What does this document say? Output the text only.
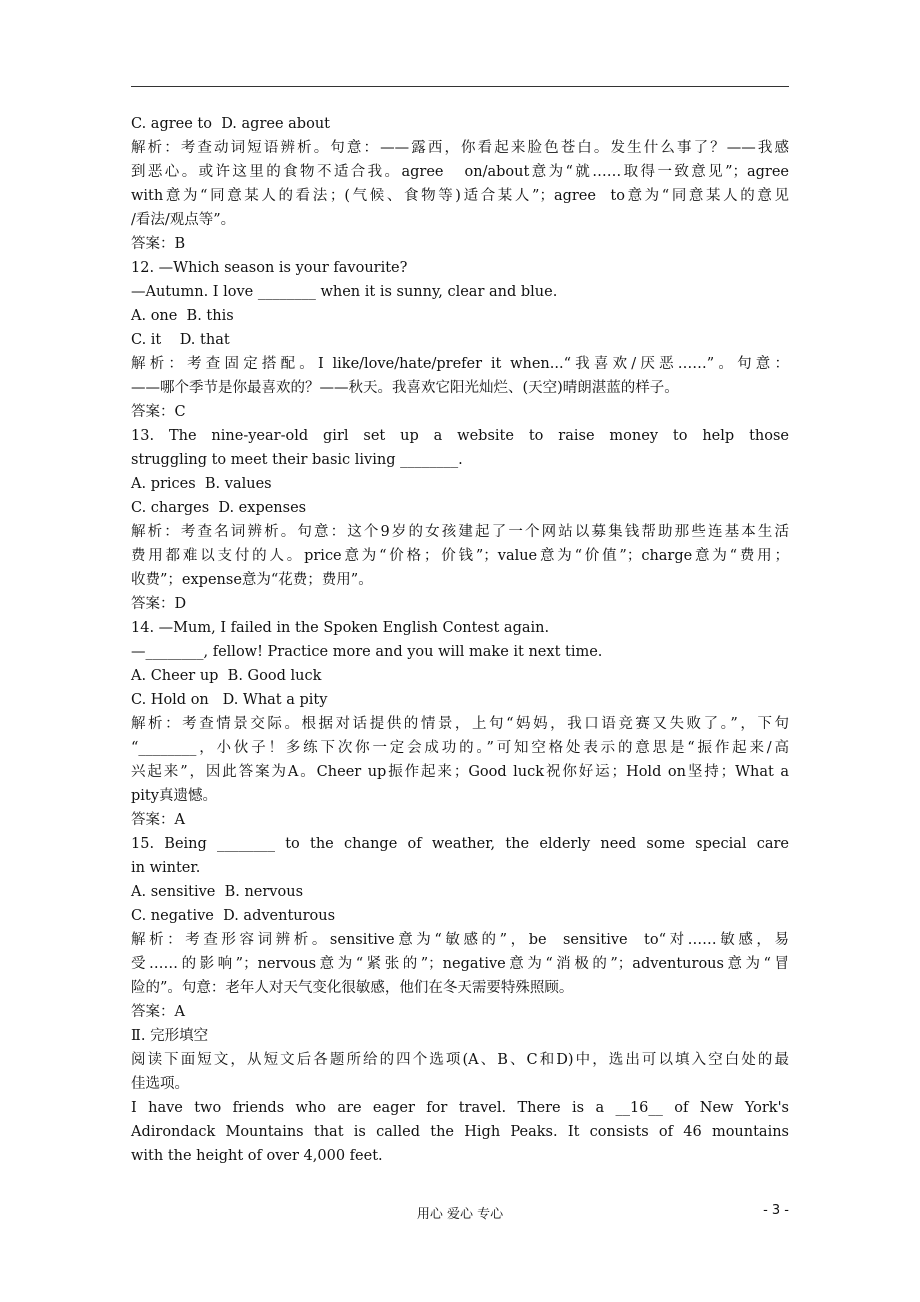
C. agree to  D. agree about
解析：考查动词短语辨析。句意：——露西，你看起来脸色苍白。发生什么事了？——我感
到恶心。或许这里的食物不适合我。agree   on/about意为“就……取得一致意见”；agree
with意为“同意某人的看法；(气候、食物等)适合某人”；agree  to意为“同意某人的意见
/看法/观点等”。
答案：B
12. —Which season is your favourite?
—Autumn. I love ________ when it is sunny, clear and blue.
A. one  B. this
C. it    D. that
解析：考查固定搭配。I like/love/hate/prefer it when...“我喜欢/厌恶……”。句意：
——哪个季节是你最喜欢的？——秋天。我喜欢它阳光灿烂、(天空)晴朗湛蓝的样子。
答案：C
13. The nine-year-old girl set up a website to raise money to help those
struggling to meet their basic living ________.
A. prices  B. values
C. charges  D. expenses
解析：考查名词辨析。句意：这个9岁的女孩建起了一个网站以募集钱帮助那些连基本生活
费用都难以支付的人。price意为“价格；价钱”；value意为“价值”；charge意为“费用；
收费”；expense意为“花费；费用”。
答案：D
14. —Mum, I failed in the Spoken English Contest again.
—________, fellow! Practice more and you will make it next time.
A. Cheer up  B. Good luck
C. Hold on   D. What a pity
解析：考查情景交际。根据对话提供的情景，上句“妈妈，我口语竞赛又失败了。”，下句
“________，小伙子！多练下次你一定会成功的。”可知空格处表示的意思是“振作起来/高
兴起来”，因此答案为A。Cheer up振作起来；Good luck祝你好运；Hold on坚持；What a
pity真遗憾。
答案：A
15. Being ________ to the change of weather, the elderly need some special care
in winter.
A. sensitive  B. nervous
C. negative  D. adventurous
解析：考查形容词辨析。sensitive意为“敏感的”，be  sensitive  to“对……敏感，易
受……的影响”；nervous意为“紧张的”；negative意为“消极的”；adventurous意为“冒
险的”。句意：老年人对天气变化很敏感，他们在冬天需要特殊照顾。
答案：A
Ⅱ. 完形填空
阅读下面短文，从短文后各题所给的四个选项(A、B、C和D)中，选出可以填入空白处的最
佳选项。
I have two friends who are eager for travel. There is a __16__ of New York's
Adirondack Mountains that is called the High Peaks. It consists of 46 mountains
with the height of over 4,000 feet.
用心 爱心 专心	- 3 -
